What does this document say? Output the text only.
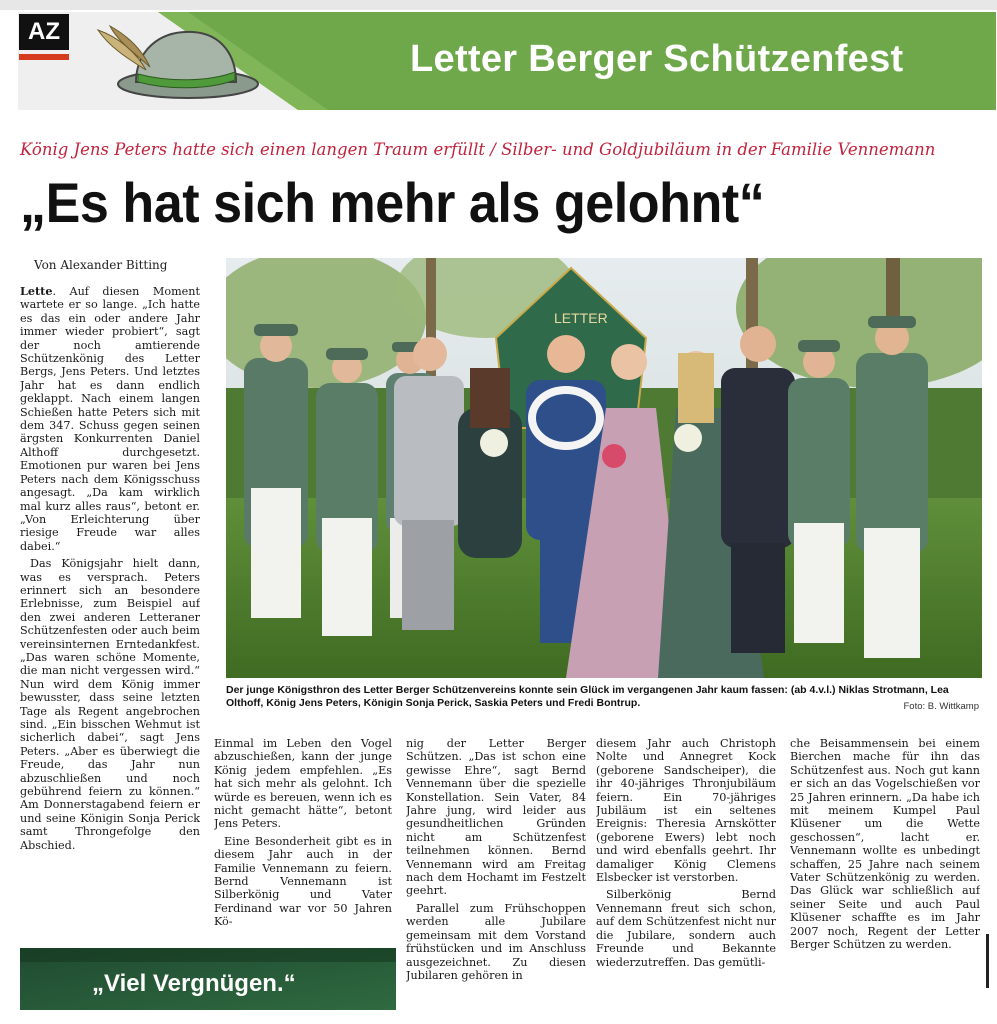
AZ
Letter Berger Schützenfest
König Jens Peters hatte sich einen langen Traum erfüllt / Silber- und Goldjubiläum in der Familie Vennemann
„Es hat sich mehr als gelohnt“
Von Alexander Bitting

Lette. Auf diesen Moment wartete er so lange. „Ich hatte es das ein oder andere Jahr immer wieder probiert“, sagt der noch amtierende Schützenkönig des Letter Bergs, Jens Peters. Und letztes Jahr hat es dann endlich geklappt. Nach einem langen Schießen hatte Peters sich mit dem 347. Schuss gegen seinen ärgsten Konkurrenten Daniel Althoff durchgesetzt. Emotionen pur waren bei Jens Peters nach dem Königsschuss angesagt. „Da kam wirklich mal kurz alles raus“, betont er. „Von Erleichterung über riesige Freude war alles dabei.“

Das Königsjahr hielt dann, was es versprach. Peters erinnert sich an besondere Erlebnisse, zum Beispiel auf den zwei anderen Letteraner Schützenfesten oder auch beim vereinsinternen Erntedankfest. „Das waren schöne Momente, die man nicht vergessen wird.“ Nun wird dem König immer bewusster, dass seine letzten Tage als Regent angebrochen sind. „Ein bisschen Wehmut ist sicherlich dabei“, sagt Jens Peters. „Aber es überwiegt die Freude, das Jahr nun abzuschließen und noch gebührend feiern zu können.“ Am Donnerstagabend feiern er und seine Königin Sonja Perick samt Throngefolge den Abschied.

LETTER
Der junge Königsthron des Letter Berger Schützenvereins konnte sein Glück im vergangenen Jahr kaum fassen: (ab 4.v.l.) Niklas Strotmann, Lea Olthoff, König Jens Peters, Königin Sonja Perick, Saskia Peters und Fredi Bontrup.	Foto: B. Wittkamp

Einmal im Leben den Vogel abzuschießen, kann der junge König jedem empfehlen. „Es hat sich mehr als gelohnt. Ich würde es bereuen, wenn ich es nicht gemacht hätte“, betont Jens Peters.

Eine Besonderheit gibt es in diesem Jahr auch in der Familie Vennemann zu feiern. Bernd Vennemann ist Silberkönig und Vater Ferdinand war vor 50 Jahren Kö-

nig der Letter Berger Schützen. „Das ist schon eine gewisse Ehre“, sagt Bernd Vennemann über die spezielle Konstellation. Sein Vater, 84 Jahre jung, wird leider aus gesundheitlichen Gründen nicht am Schützenfest teilnehmen können. Bernd Vennemann wird am Freitag nach dem Hochamt im Festzelt geehrt.

Parallel zum Frühschoppen werden alle Jubilare gemeinsam mit dem Vorstand frühstücken und im Anschluss ausgezeichnet. Zu diesen Jubilaren gehören in

diesem Jahr auch Christoph Nolte und Annegret Kock (geborene Sandscheiper), die ihr 40-jähriges Thronjubiläum feiern. Ein 70-jähriges Jubiläum ist ein seltenes Ereignis: Theresia Arnskötter (geborene Ewers) lebt noch und wird ebenfalls geehrt. Ihr damaliger König Clemens Elsbecker ist verstorben.

Silberkönig Bernd Vennemann freut sich schon, auf dem Schützenfest nicht nur die Jubilare, sondern auch Freunde und Bekannte wiederzutreffen. Das gemütli-

che Beisammensein bei einem Bierchen mache für ihn das Schützenfest aus. Noch gut kann er sich an das Vogelschießen vor 25 Jahren erinnern. „Da habe ich mit meinem Kumpel Paul Klüsener um die Wette geschossen“, lacht er. Vennemann wollte es unbedingt schaffen, 25 Jahre nach seinem Vater Schützenkönig zu werden. Das Glück war schließlich auf seiner Seite und auch Paul Klüsener schaffte es im Jahr 2007 noch, Regent der Letter Berger Schützen zu werden.

„Viel Vergnügen.“
